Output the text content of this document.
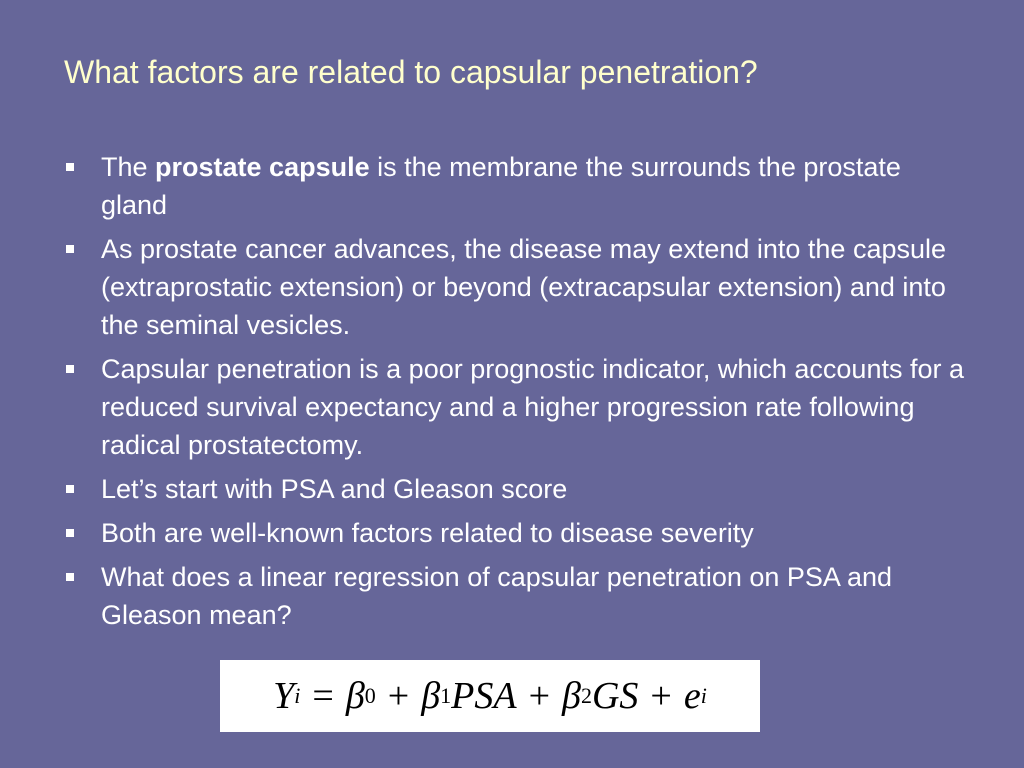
What factors are related to capsular penetration?
The prostate capsule is the membrane the surrounds the prostate gland
As prostate cancer advances, the disease may extend into the capsule (extraprostatic extension) or beyond (extracapsular extension) and into the seminal vesicles.
Capsular penetration is a poor prognostic indicator, which accounts for a reduced survival expectancy and a higher progression rate following radical prostatectomy.
Let’s start with PSA and Gleason score
Both are well-known factors related to disease severity
What does a linear regression of capsular penetration on PSA and Gleason mean?
Y i = β 0 + β 1 PSA + β 2 GS + e i
